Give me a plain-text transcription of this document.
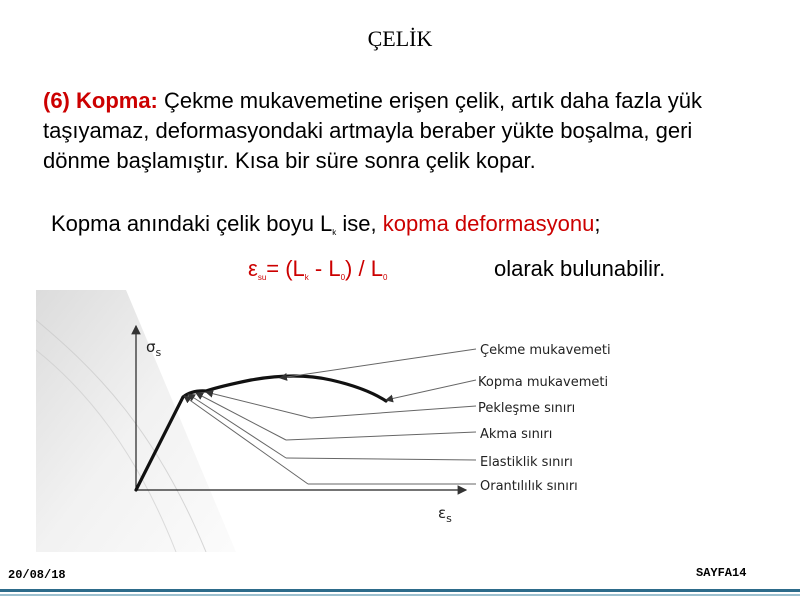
ÇELİK
(6) Kopma: Çekme mukavemetine erişen çelik, artık daha fazla yük taşıyamaz, deformasyondaki artmayla beraber yükte boşalma, geri dönme başlamıştır. Kısa bir süre sonra çelik kopar.
Kopma anındaki çelik boyu Lk ise, kopma deformasyonu;
εsu= (Lk - L0) / L0	olarak bulunabilir.
$\sigma_s$
$\varepsilon_s$
Çekme mukavemeti
Kopma mukavemeti
Pekleşme sınırı
Akma sınırı
Elastiklik sınırı
Orantılılık sınırı
20/08/18	SAYFA14
